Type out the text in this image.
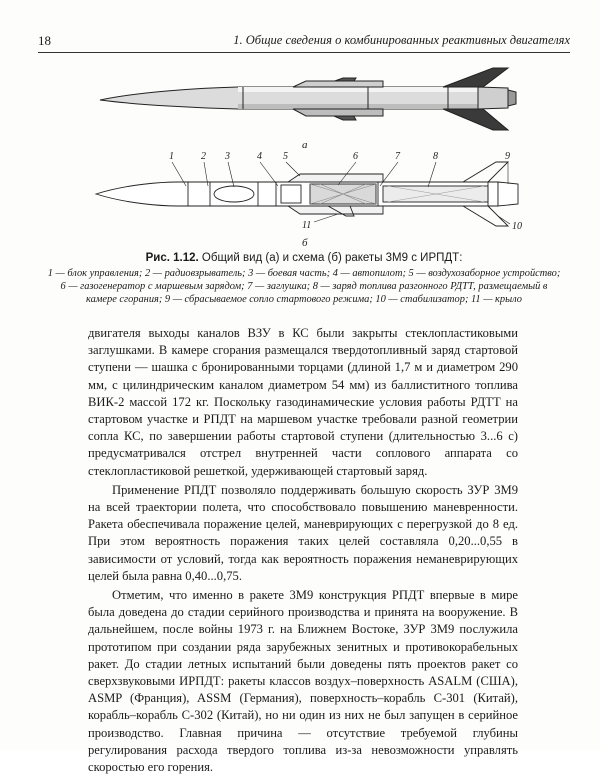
18	1. Общие сведения о комбинированных реактивных двигателях
а
1	2 3	4 5	6	7	8	9
10
11
б
Рис. 1.12. Общий вид (а) и схема (б) ракеты 3М9 с ИРПДТ:
1 — блок управления; 2 — радиовзрыватель; 3 — боевая часть; 4 — автопилот; 5 — воздухозаборное устройство; 6 — газогенератор с маршевым зарядом; 7 — заглушка; 8 — заряд топлива разгонного РДТТ, размещаемый в камере сгорания; 9 — сбрасываемое сопло стартового режима; 10 — стабилизатор; 11 — крыло

двигателя выходы каналов ВЗУ в КС были закрыты стеклопластиковыми заглушками. В камере сгорания размещался твердотопливный заряд стартовой ступени — шашка с бронированными торцами (длиной 1,7 м и диаметром 290 мм, с цилиндрическим каналом диаметром 54 мм) из баллиститного топлива ВИК-2 массой 172 кг. Поскольку газодинамические условия работы РДТТ на стартовом участке и РПДТ на маршевом участке требовали разной геометрии сопла КС, по завершении работы стартовой ступени (длительностью 3...6 с) предусматривался отстрел внутренней части соплового аппарата со стеклопластиковой решеткой, удерживающей стартовый заряд.

Применение РПДТ позволяло поддерживать большую скорость ЗУР 3М9 на всей траектории полета, что способствовало повышению маневренности. Ракета обеспечивала поражение целей, маневрирующих с перегрузкой до 8 ед. При этом вероятность поражения таких целей составляла 0,20...0,55 в зависимости от условий, тогда как вероятность поражения неманеврирующих целей была равна 0,40...0,75.

Отметим, что именно в ракете 3М9 конструкция РПДТ впервые в мире была доведена до стадии серийного производства и принята на вооружение. В дальнейшем, после войны 1973 г. на Ближнем Востоке, ЗУР 3М9 послужила прототипом при создании ряда зарубежных зенитных и противокорабельных ракет. До стадии летных испытаний были доведены пять проектов ракет со сверхзвуковыми ИРПДТ: ракеты классов воздух–поверхность ASALM (США), ASMP (Франция), ASSM (Германия), поверхность–корабль С-301 (Китай), корабль–корабль С-302 (Китай), но ни один из них не был запущен в серийное производство. Главная причина — отсутствие требуемой глубины регулирования расхода твердого топлива из-за невозможности управлять скоростью его горения.
